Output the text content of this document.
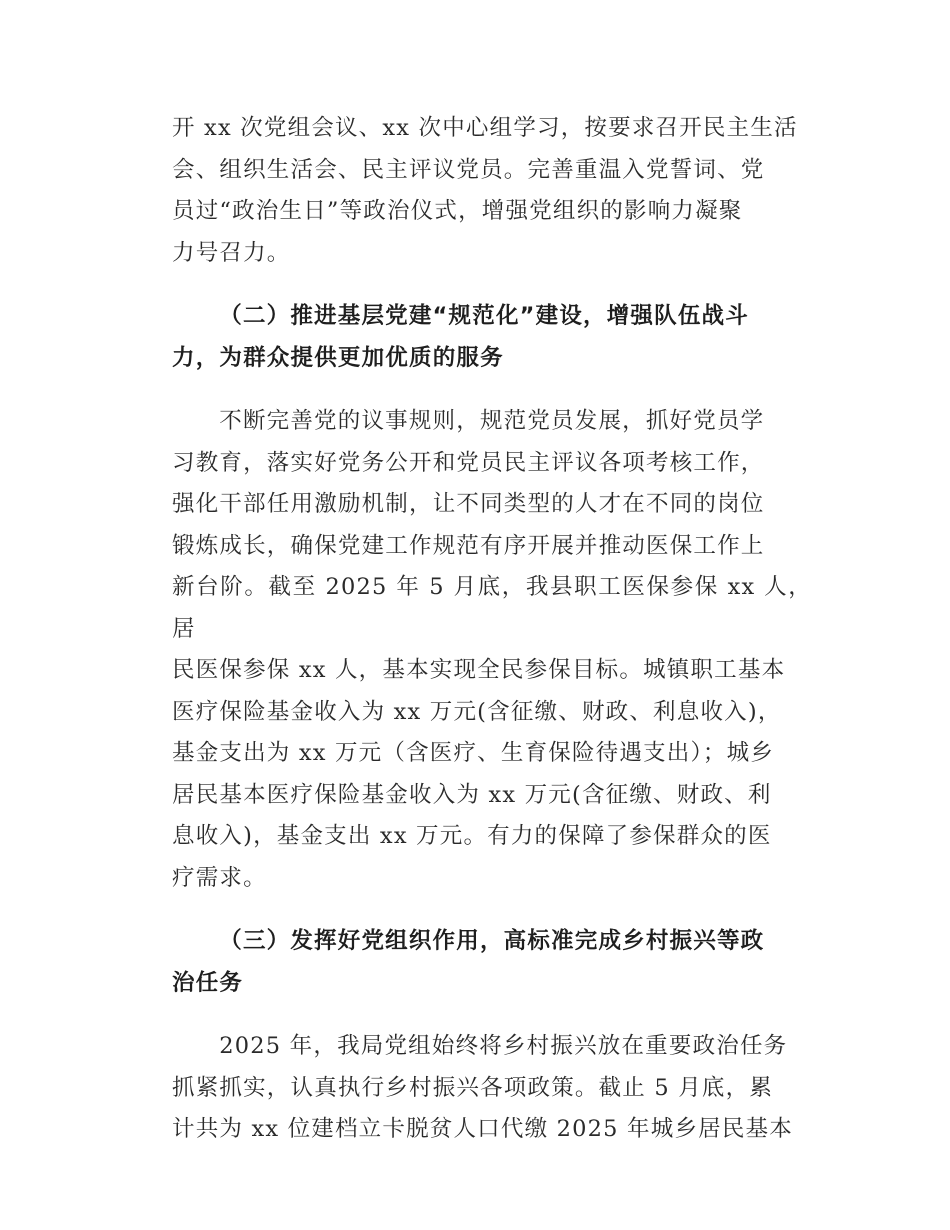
开 xx 次党组会议、xx 次中心组学习，按要求召开民主生活
会、组织生活会、民主评议党员。完善重温入党誓词、党
员过“政治生日”等政治仪式，增强党组织的影响力凝聚
力号召力。

（二）推进基层党建“规范化”建设，增强队伍战斗
力，为群众提供更加优质的服务

不断完善党的议事规则，规范党员发展，抓好党员学
习教育，落实好党务公开和党员民主评议各项考核工作，
强化干部任用激励机制，让不同类型的人才在不同的岗位
锻炼成长，确保党建工作规范有序开展并推动医保工作上
新台阶。截至 2025 年 5 月底，我县职工医保参保 xx 人，居
民医保参保 xx 人，基本实现全民参保目标。城镇职工基本
医疗保险基金收入为 xx 万元(含征缴、财政、利息收入)，
基金支出为 xx 万元（含医疗、生育保险待遇支出）；城乡
居民基本医疗保险基金收入为 xx 万元(含征缴、财政、利
息收入)，基金支出 xx 万元。有力的保障了参保群众的医
疗需求。

（三）发挥好党组织作用，高标准完成乡村振兴等政
治任务

2025 年，我局党组始终将乡村振兴放在重要政治任务
抓紧抓实，认真执行乡村振兴各项政策。截止 5 月底，累
计共为 xx 位建档立卡脱贫人口代缴 2025 年城乡居民基本
